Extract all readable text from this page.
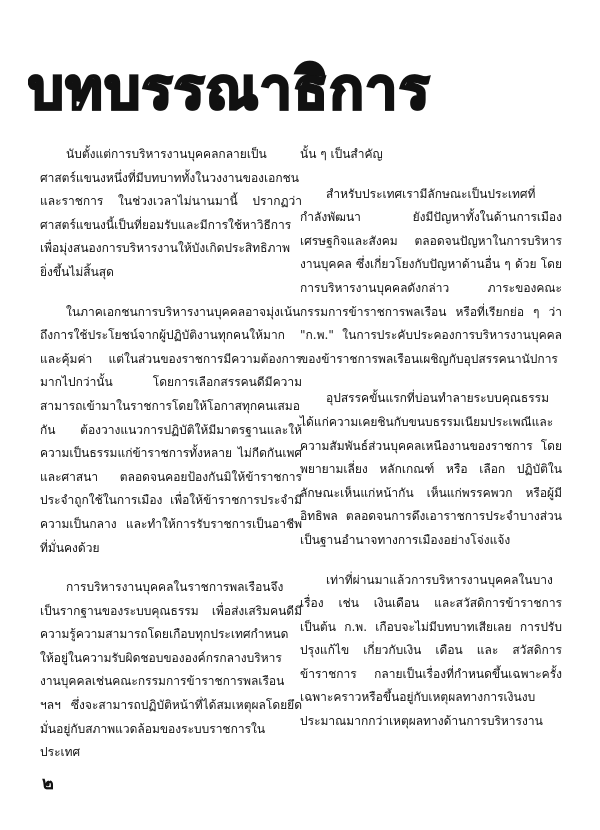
บทบรรณาธิการ

นับตั้งแต่การบริหารงานบุคคลกลายเป็นศาสตร์แขนงหนึ่งที่มีบทบาททั้งในวงงานของเอกชนและราชการ ในช่วงเวลาไม่นานมานี้ ปรากฏว่าศาสตร์แขนงนี้เป็นที่ยอมรับและมีการใช้หาวิธีการเพื่อมุ่งสนองการบริหารงานให้บังเกิดประสิทธิภาพยิ่งขึ้นไม่สิ้นสุด

ในภาคเอกชนการบริหารงานบุคคลอาจมุ่งเน้นถึงการใช้ประโยชน์จากผู้ปฏิบัติงานทุกคนให้มาก และคุ้มค่า แต่ในส่วนของราชการมีความต้องการมากไปกว่านั้น โดยการเลือกสรรคนดีมีความสามารถเข้ามาในราชการโดยให้โอกาสทุกคนเสมอกัน ต้องวางแนวการปฏิบัติให้มีมาตรฐานและให้ความเป็นธรรมแก่ข้าราชการทั้งหลาย ไม่กีดกันเพศและศาสนา ตลอดจนคอยป้องกันมิให้ข้าราชการประจำถูกใช้ในการเมือง เพื่อให้ข้าราชการประจำมีความเป็นกลาง และทำให้การรับราชการเป็นอาชีพที่มั่นคงด้วย

การบริหารงานบุคคลในราชการพลเรือนจึงเป็นรากฐานของระบบคุณธรรม เพื่อส่งเสริมคนดีมีความรู้ความสามารถโดยเกือบทุกประเทศกำหนดให้อยู่ในความรับผิดชอบขององค์กรกลางบริหารงานบุคคลเช่นคณะกรรมการข้าราชการพลเรือน ฯลฯ ซึ่งจะสามารถปฏิบัติหน้าที่ได้สมเหตุผลโดยยึดมั่นอยู่กับสภาพแวดล้อมของระบบราชการในประเทศ

นั้น ๆ เป็นสำคัญ

สำหรับประเทศเรามีลักษณะเป็นประเทศที่กำลังพัฒนา ยังมีปัญหาทั้งในด้านการเมือง เศรษฐกิจและสังคม ตลอดจนปัญหาในการบริหารงานบุคคล ซึ่งเกี่ยวโยงกับปัญหาด้านอื่น ๆ ด้วย โดยการบริหารงานบุคคลดังกล่าว ภาระของคณะกรรมการข้าราชการพลเรือน หรือที่เรียกย่อ ๆ ว่า "ก.พ." ในการประคับประคองการบริหารงานบุคคลของข้าราชการพลเรือนเผชิญกับอุปสรรคนานัปการ

อุปสรรคขั้นแรกที่บ่อนทำลายระบบคุณธรรมได้แก่ความเคยชินกับขนบธรรมเนียมประเพณีและความสัมพันธ์ส่วนบุคคลเหนืองานของราชการ โดย พยายามเลี่ยง หลักเกณฑ์ หรือ เลือก ปฏิบัติในลักษณะเห็นแก่หน้ากัน เห็นแก่พรรคพวก หรือผู้มีอิทธิพล ตลอดจนการดึงเอาราชการประจำบางส่วนเป็นฐานอำนาจทางการเมืองอย่างโจ่งแจ้ง

เท่าที่ผ่านมาแล้วการบริหารงานบุคคลในบางเรื่อง เช่น เงินเดือน และสวัสดิการข้าราชการเป็นต้น ก.พ. เกือบจะไม่มีบทบาทเสียเลย การปรับ ปรุงแก้ไข เกี่ยวกับเงิน เดือน และ สวัสดิการข้าราชการ กลายเป็นเรื่องที่กำหนดขึ้นเฉพาะครั้งเฉพาะคราวหรือขึ้นอยู่กับเหตุผลทางการเงินงบประมาณมากกว่าเหตุผลทางด้านการบริหารงาน

๒
